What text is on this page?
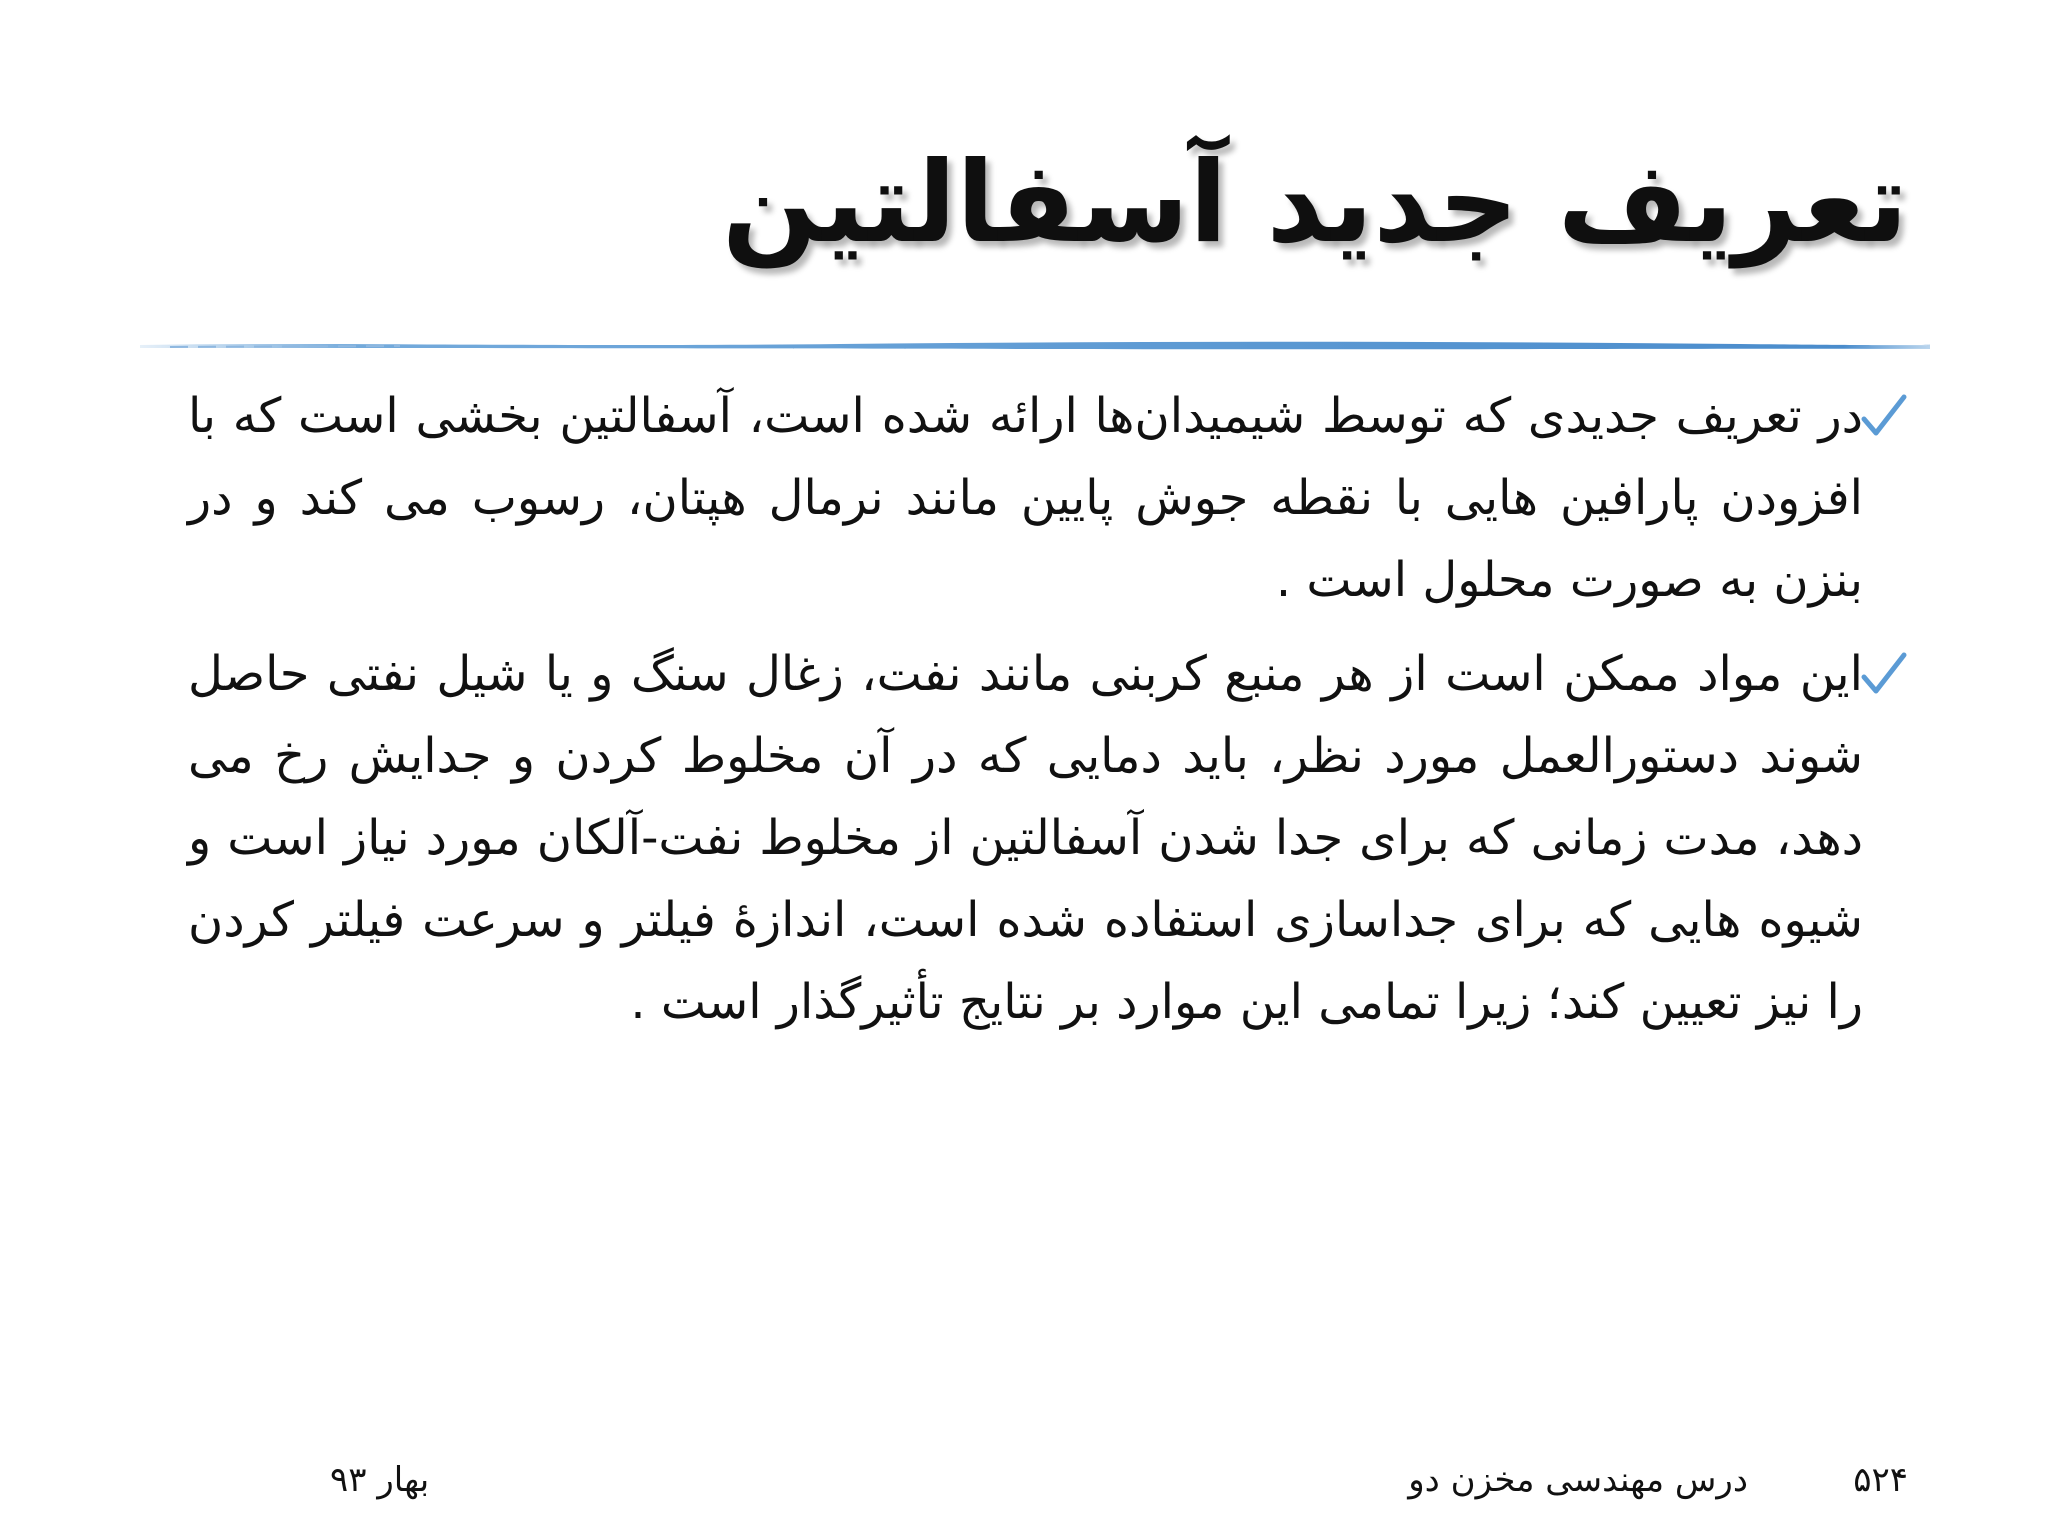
تعریف جدید آسفالتین
در تعریف جدیدی که توسط شیمیدان‌ها ارائه شده است، آسفالتین بخشی است که با افزودن پارافین هایی با نقطه جوش پایین مانند نرمال هپتان، رسوب می کند و در بنزن به صورت محلول است .
این مواد ممکن است از هر منبع کربنی مانند نفت، زغال سنگ و یا شیل نفتی حاصل شوند دستورالعمل مورد نظر، باید دمایی که در آن مخلوط کردن و جدایش رخ می دهد، مدت زمانی که برای جدا شدن آسفالتین از مخلوط نفت-آلکان مورد نیاز است و شیوه هایی که برای جداسازی استفاده شده است، اندازهٔ فیلتر و سرعت فیلتر کردن را نیز تعیین کند؛ زیرا تمامی این موارد بر نتایج تأثیرگذار است .
۵۲۴
درس مهندسی مخزن دو
بهار ۹۳
